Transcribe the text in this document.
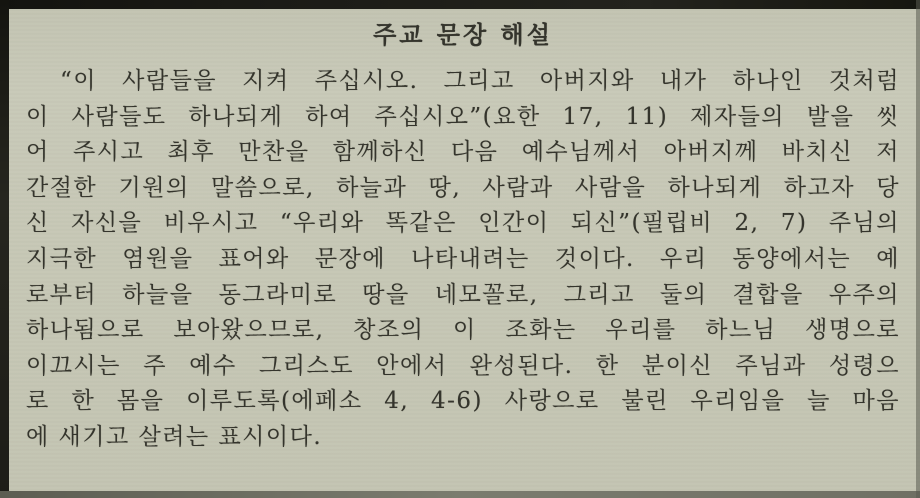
주교 문장 해설
“이 사람들을 지켜 주십시오. 그리고 아버지와 내가 하나인 것처럼
이 사람들도 하나되게 하여 주십시오”(요한 17, 11) 제자들의 발을 씻
어 주시고 최후 만찬을 함께하신 다음 예수님께서 아버지께 바치신 저
간절한 기원의 말씀으로, 하늘과 땅, 사람과 사람을 하나되게 하고자 당
신 자신을 비우시고 “우리와 똑같은 인간이 되신”(필립비 2, 7) 주님의
지극한 염원을 표어와 문장에 나타내려는 것이다. 우리 동양에서는 예
로부터 하늘을 동그라미로 땅을 네모꼴로, 그리고 둘의 결합을 우주의
하나됨으로 보아왔으므로, 창조의 이 조화는 우리를 하느님 생명으로
이끄시는 주 예수 그리스도 안에서 완성된다. 한 분이신 주님과 성령으
로 한 몸을 이루도록(에페소 4, 4-6) 사랑으로 불린 우리임을 늘 마음
에 새기고 살려는 표시이다.
